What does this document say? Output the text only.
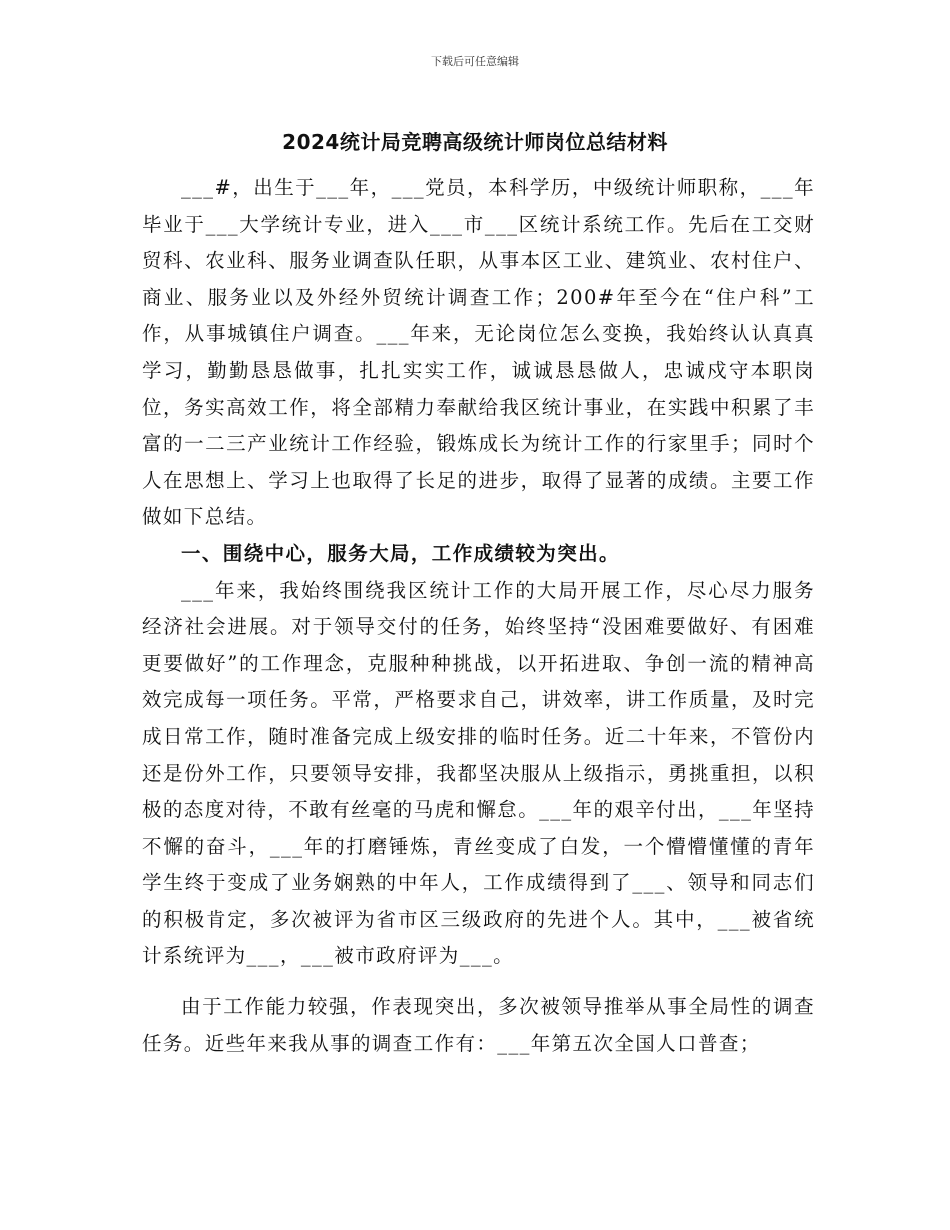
下载后可任意编辑
2024统计局竞聘高级统计师岗位总结材料

___#，出生于___年，___党员，本科学历，中级统计师职称，___年毕业于___大学统计专业，进入___市___区统计系统工作。先后在工交财贸科、农业科、服务业调查队任职，从事本区工业、建筑业、农村住户、商业、服务业以及外经外贸统计调查工作；200#年至今在“住户科”工作，从事城镇住户调查。___年来，无论岗位怎么变换，我始终认认真真学习，勤勤恳恳做事，扎扎实实工作，诚诚恳恳做人，忠诚戍守本职岗位，务实高效工作，将全部精力奉献给我区统计事业，在实践中积累了丰富的一二三产业统计工作经验，锻炼成长为统计工作的行家里手；同时个人在思想上、学习上也取得了长足的进步，取得了显著的成绩。主要工作做如下总结。

一、围绕中心，服务大局，工作成绩较为突出。

___年来，我始终围绕我区统计工作的大局开展工作，尽心尽力服务经济社会进展。对于领导交付的任务，始终坚持“没困难要做好、有困难更要做好”的工作理念，克服种种挑战，以开拓进取、争创一流的精神高效完成每一项任务。平常，严格要求自己，讲效率，讲工作质量，及时完成日常工作，随时准备完成上级安排的临时任务。近二十年来，不管份内还是份外工作，只要领导安排，我都坚决服从上级指示，勇挑重担，以积极的态度对待，不敢有丝毫的马虎和懈怠。___年的艰辛付出，___年坚持不懈的奋斗，___年的打磨锤炼，青丝变成了白发，一个懵懵懂懂的青年学生终于变成了业务娴熟的中年人，工作成绩得到了___、领导和同志们的积极肯定，多次被评为省市区三级政府的先进个人。其中，___被省统计系统评为___，___被市政府评为___。

由于工作能力较强，作表现突出，多次被领导推举从事全局性的调查任务。近些年来我从事的调查工作有：___年第五次全国人口普查；
